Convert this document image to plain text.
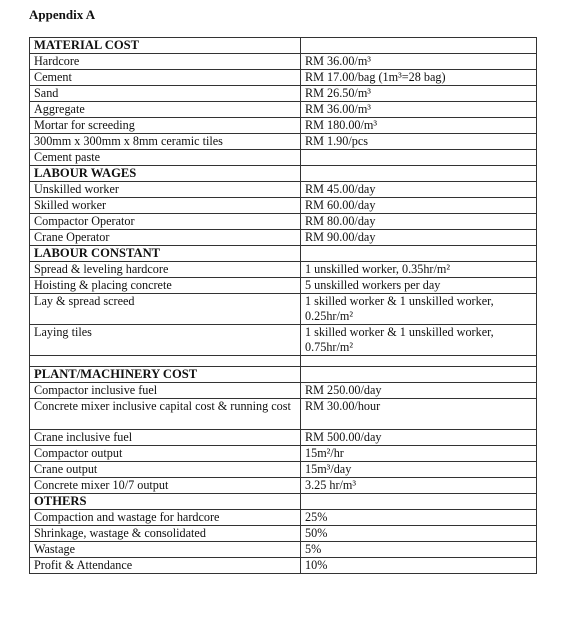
Appendix A
MATERIAL COST	
Hardcore	RM 36.00/m³
Cement	RM 17.00/bag (1m³=28 bag)
Sand	RM 26.50/m³
Aggregate	RM 36.00/m³
Mortar for screeding	RM 180.00/m³
300mm x 300mm x 8mm ceramic tiles	RM 1.90/pcs
Cement paste	
LABOUR WAGES	
Unskilled worker	RM 45.00/day
Skilled worker	RM 60.00/day
Compactor Operator	RM 80.00/day
Crane Operator	RM 90.00/day
LABOUR CONSTANT	
Spread & leveling hardcore	1 unskilled worker, 0.35hr/m²
Hoisting & placing concrete	5 unskilled workers per day
Lay & spread screed	1 skilled worker & 1 unskilled worker, 0.25hr/m²
Laying tiles	1 skilled worker & 1 unskilled worker, 0.75hr/m²

PLANT/MACHINERY COST	
Compactor inclusive fuel	RM 250.00/day
Concrete mixer inclusive capital cost & running cost	RM 30.00/hour
Crane inclusive fuel	RM 500.00/day
Compactor output	15m²/hr
Crane output	15m³/day
Concrete mixer 10/7 output	3.25 hr/m³
OTHERS	
Compaction and wastage for hardcore	25%
Shrinkage, wastage & consolidated	50%
Wastage	5%
Profit & Attendance	10%
